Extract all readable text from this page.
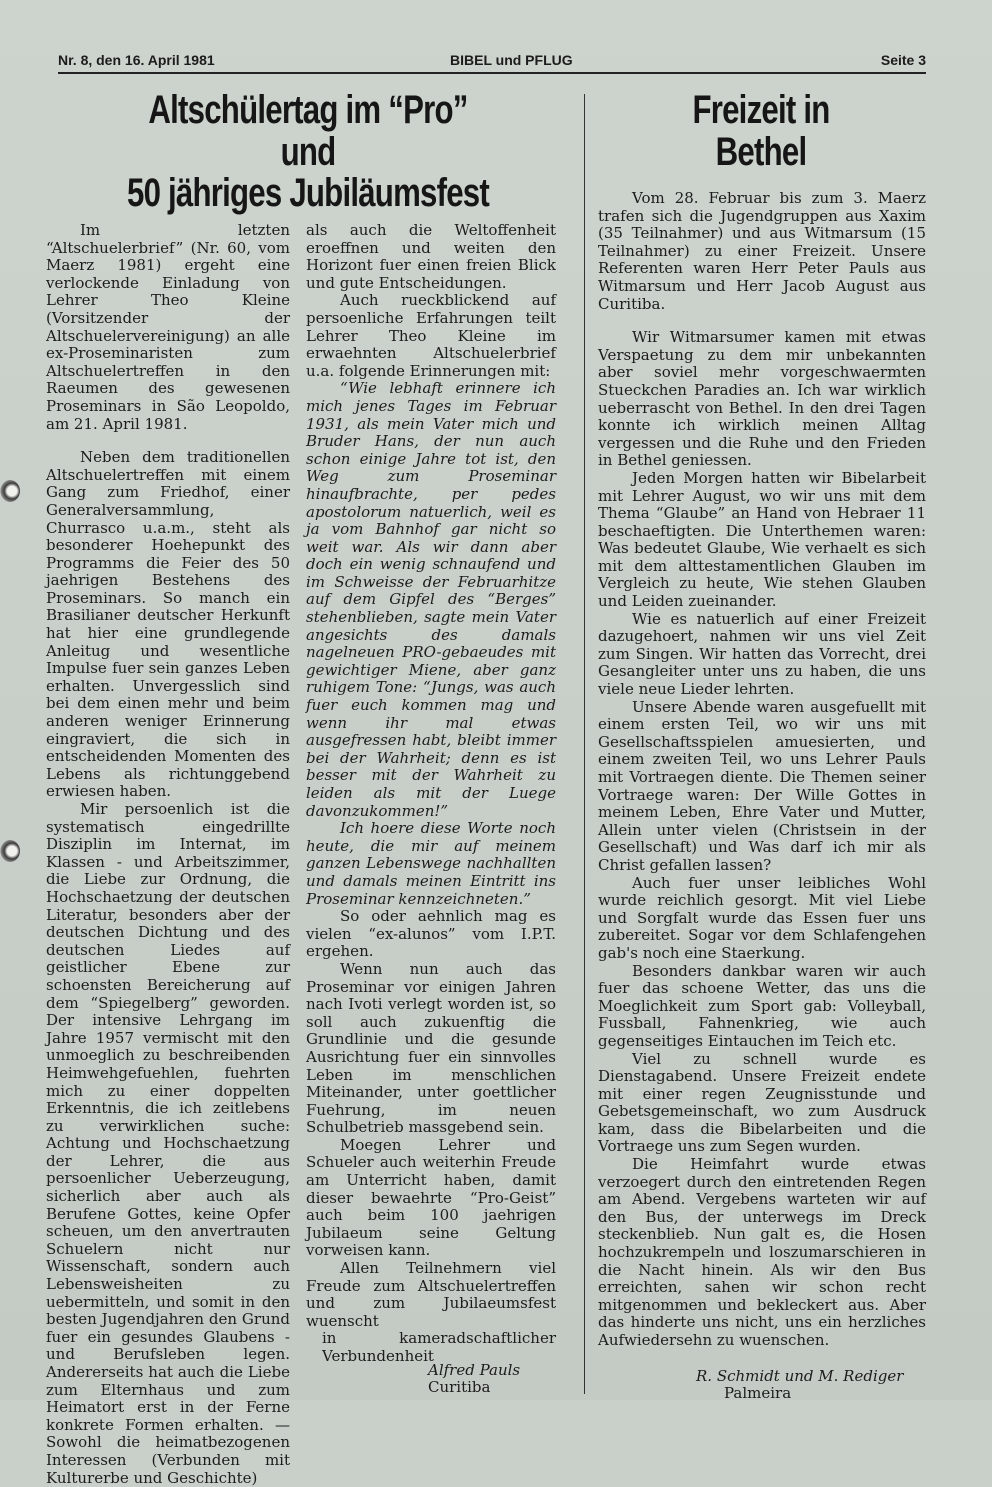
Nr. 8, den 16. April 1981	BIBEL und PFLUG	Seite 3
Altschülertag im “Pro”
und
50 jähriges Jubiläumsfest

Im letzten “Altschuelerbrief” (Nr. 60, vom Maerz 1981) ergeht eine verlockende Einladung von Lehrer Theo Kleine (Vorsitzender der Altschuelervereinigung) an alle ex-Proseminaristen zum Altschuelertreffen in den Raeumen des gewesenen Proseminars in São Leopoldo, am 21. April 1981.

Neben dem traditionellen Altschuelertreffen mit einem Gang zum Friedhof, einer Generalversammlung, Churrasco u.a.m., steht als besonderer Hoehepunkt des Programms die Feier des 50 jaehrigen Bestehens des Proseminars. So manch ein Brasilianer deutscher Herkunft hat hier eine grundlegende Anleitug und wesentliche Impulse fuer sein ganzes Leben erhalten. Unvergesslich sind bei dem einen mehr und beim anderen weniger Erinnerung eingraviert, die sich in entscheidenden Momenten des Lebens als richtunggebend erwiesen haben.

Mir persoenlich ist die systematisch eingedrillte Disziplin im Internat, im Klassen - und Arbeitszimmer, die Liebe zur Ordnung, die Hochschaetzung der deutschen Literatur, besonders aber der deutschen Dichtung und des deutschen Liedes auf geistlicher Ebene zur schoensten Bereicherung auf dem “Spiegelberg” geworden. Der intensive Lehrgang im Jahre 1957 vermischt mit den unmoeglich zu beschreibenden Heimwehgefuehlen, fuehrten mich zu einer doppelten Erkenntnis, die ich zeitlebens zu verwirklichen suche: Achtung und Hochschaetzung der Lehrer, die aus persoenlicher Ueberzeugung, sicherlich aber auch als Berufene Gottes, keine Opfer scheuen, um den anvertrauten Schuelern nicht nur Wissenschaft, sondern auch Lebensweisheiten zu uebermitteln, und somit in den besten Jugendjahren den Grund fuer ein gesundes Glaubens - und Berufsleben legen. Andererseits hat auch die Liebe zum Elternhaus und zum Heimatort erst in der Ferne konkrete Formen erhalten. — Sowohl die heimatbezogenen Interessen (Verbunden mit Kulturerbe und Geschichte)

als auch die Weltoffenheit eroeffnen und weiten den Horizont fuer einen freien Blick und gute Entscheidungen.

Auch rueckblickend auf persoenliche Erfahrungen teilt Lehrer Theo Kleine im erwaehnten Altschuelerbrief u.a. folgende Erinnerungen mit:

“Wie lebhaft erinnere ich mich jenes Tages im Februar 1931, als mein Vater mich und Bruder Hans, der nun auch schon einige Jahre tot ist, den Weg zum Proseminar hinaufbrachte, per pedes apostolorum natuerlich, weil es ja vom Bahnhof gar nicht so weit war. Als wir dann aber doch ein wenig schnaufend und im Schweisse der Februarhitze auf dem Gipfel des “Berges” stehenblieben, sagte mein Vater angesichts des damals nagelneuen PRO-gebaeudes mit gewichtiger Miene, aber ganz ruhigem Tone: “Jungs, was auch fuer euch kommen mag und wenn ihr mal etwas ausgefressen habt, bleibt immer bei der Wahrheit; denn es ist besser mit der Wahrheit zu leiden als mit der Luege davonzukommen!”

Ich hoere diese Worte noch heute, die mir auf meinem ganzen Lebenswege nachhallten und damals meinen Eintritt ins Proseminar kennzeichneten.”

So oder aehnlich mag es vielen “ex-alunos” vom I.P.T. ergehen.

Wenn nun auch das Proseminar vor einigen Jahren nach Ivoti verlegt worden ist, so soll auch zukuenftig die Grundlinie und die gesunde Ausrichtung fuer ein sinnvolles Leben im menschlichen Miteinander, unter goettlicher Fuehrung, im neuen Schulbetrieb massgebend sein.

Moegen Lehrer und Schueler auch weiterhin Freude am Unterricht haben, damit dieser bewaehrte “Pro-Geist” auch beim 100 jaehrigen Jubilaeum seine Geltung vorweisen kann.

Allen Teilnehmern viel Freude zum Altschuelertreffen und zum Jubilaeumsfest wuenscht

in kameradschaftlicher Verbundenheit

Alfred Pauls
Curitiba
Freizeit in
Bethel

Vom 28. Februar bis zum 3. Maerz trafen sich die Jugendgruppen aus Xaxim (35 Teilnahmer) und aus Witmarsum (15 Teilnahmer) zu einer Freizeit. Unsere Referenten waren Herr Peter Pauls aus Witmarsum und Herr Jacob August aus Curitiba.

Wir Witmarsumer kamen mit etwas Verspaetung zu dem mir unbekannten aber soviel mehr vorgeschwaermten Stueckchen Paradies an. Ich war wirklich ueberrascht von Bethel. In den drei Tagen konnte ich wirklich meinen Alltag vergessen und die Ruhe und den Frieden in Bethel geniessen.

Jeden Morgen hatten wir Bibelarbeit mit Lehrer August, wo wir uns mit dem Thema “Glaube” an Hand von Hebraer 11 beschaeftigten. Die Unterthemen waren: Was bedeutet Glaube, Wie verhaelt es sich mit dem alttestamentlichen Glauben im Vergleich zu heute, Wie stehen Glauben und Leiden zueinander.

Wie es natuerlich auf einer Freizeit dazugehoert, nahmen wir uns viel Zeit zum Singen. Wir hatten das Vorrecht, drei Gesangleiter unter uns zu haben, die uns viele neue Lieder lehrten.

Unsere Abende waren ausgefuellt mit einem ersten Teil, wo wir uns mit Gesellschaftsspielen amuesierten, und einem zweiten Teil, wo uns Lehrer Pauls mit Vortraegen diente. Die Themen seiner Vortraege waren: Der Wille Gottes in meinem Leben, Ehre Vater und Mutter, Allein unter vielen (Christsein in der Gesellschaft) und Was darf ich mir als Christ gefallen lassen?

Auch fuer unser leibliches Wohl wurde reichlich gesorgt. Mit viel Liebe und Sorgfalt wurde das Essen fuer uns zubereitet. Sogar vor dem Schlafengehen gab's noch eine Staerkung.

Besonders dankbar waren wir auch fuer das schoene Wetter, das uns die Moeglichkeit zum Sport gab: Volleyball, Fussball, Fahnenkrieg, wie auch gegenseitiges Eintauchen im Teich etc.

Viel zu schnell wurde es Dienstagabend. Unsere Freizeit endete mit einer regen Zeugnisstunde und Gebetsgemeinschaft, wo zum Ausdruck kam, dass die Bibelarbeiten und die Vortraege uns zum Segen wurden.

Die Heimfahrt wurde etwas verzoegert durch den eintretenden Regen am Abend. Vergebens warteten wir auf den Bus, der unterwegs im Dreck steckenblieb. Nun galt es, die Hosen hochzukrempeln und loszumarschieren in die Nacht hinein. Als wir den Bus erreichten, sahen wir schon recht mitgenommen und bekleckert aus. Aber das hinderte uns nicht, uns ein herzliches Aufwiedersehn zu wuenschen.

R. Schmidt und M. Rediger
Palmeira
